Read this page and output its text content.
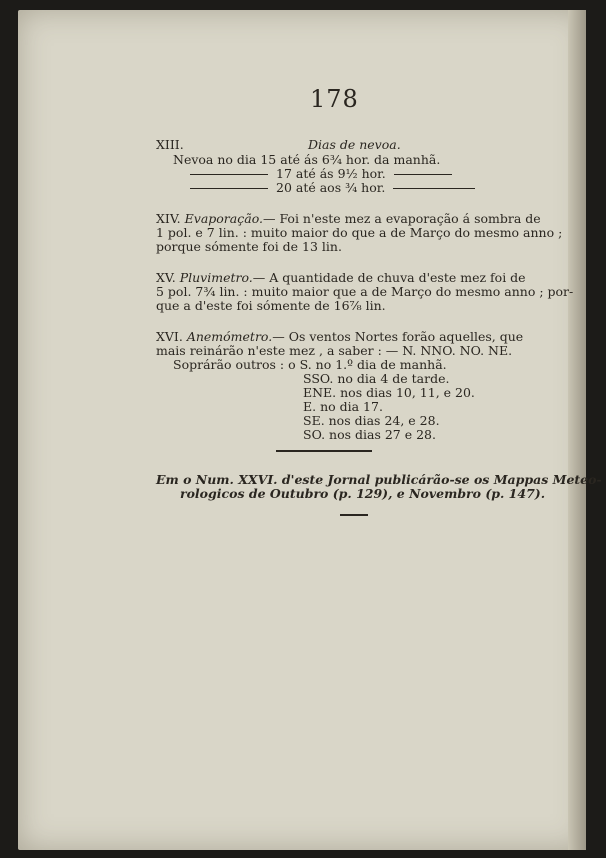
178
XIII.	Dias de nevoa.
Nevoa no dia 15 até ás 6¾ hor. da manhã.
17 até ás 9½ hor.
20 até aos ¾ hor.
XIV. Evaporação.— Foi n'este mez a evaporação á sombra de
1 pol. e 7 lin. : muito maior do que a de Março do mesmo anno ;
porque sómente foi de 13 lin.
XV. Pluvimetro.— A quantidade de chuva d'este mez foi de
5 pol. 7¾ lin. : muito maior que a de Março do mesmo anno ; por-
que a d'este foi sómente de 16⅞ lin.
XVI. Anemómetro.— Os ventos Nortes forão aquelles, que
mais reinárão n'este mez , a saber : — N. NNO. NO. NE.
Soprárão outros : o S. no 1.º dia de manhã.
SSO. no dia 4 de tarde.
ENE. nos dias 10, 11, e 20.
E. no dia 17.
SE. nos dias 24, e 28.
SO. nos dias 27 e 28.
Em o Num. XXVI. d'este Jornal publicárão-se os Mappas Meteo-
rologicos de Outubro (p. 129), e Novembro (p. 147).
